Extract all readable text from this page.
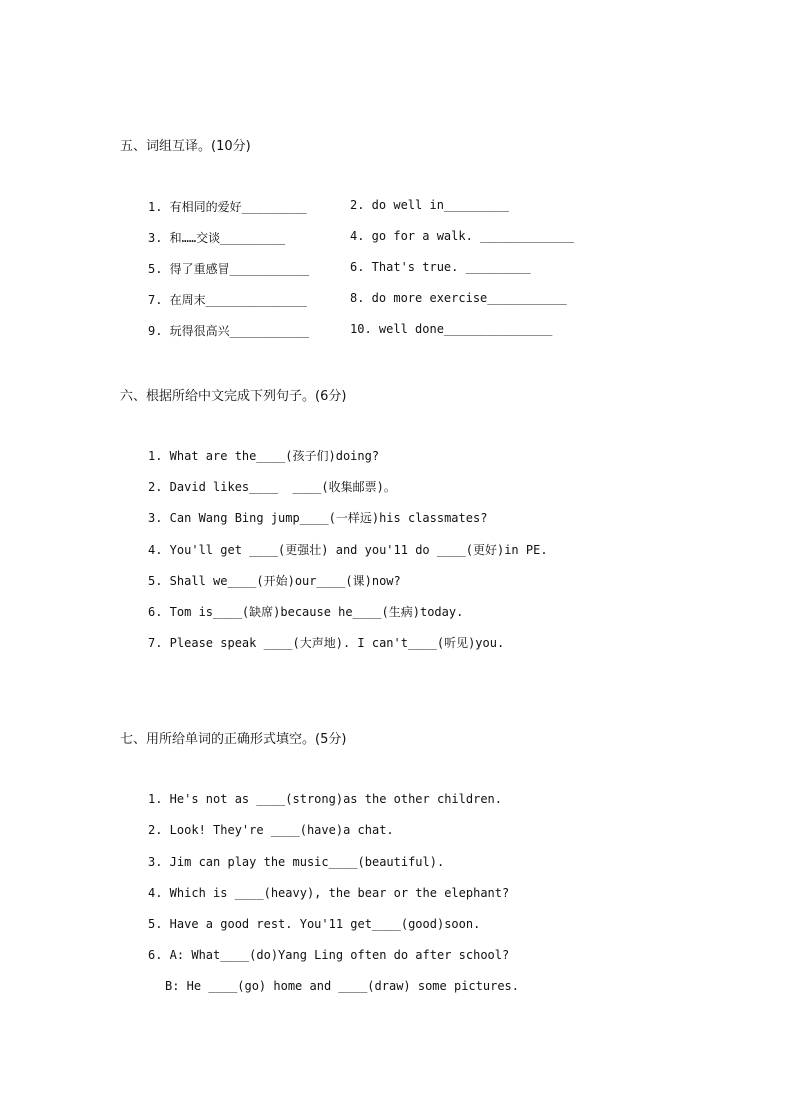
五、词组互译。(10分)
1. 有相同的爱好_________	2. do well in_________
3. 和……交谈_________	4. go for a walk. _____________
5. 得了重感冒___________	6. That's true. _________
7. 在周末______________	8. do more exercise___________
9. 玩得很高兴___________	10. well done_______________
六、根据所给中文完成下列句子。(6分)
1. What are the____(孩子们)doing?
2. David likes____  ____(收集邮票)。
3. Can Wang Bing jump____(一样远)his classmates?
4. You'll get ____(更强壮) and you'11 do ____(更好)in PE.
5. Shall we____(开始)our____(课)now?
6. Tom is____(缺席)because he____(生病)today.
7. Please speak ____(大声地). I can't____(听见)you.
七、用所给单词的正确形式填空。(5分)
1. He's not as ____(strong)as the other children.
2. Look! They're ____(have)a chat.
3. Jim can play the music____(beautiful).
4. Which is ____(heavy), the bear or the elephant?
5. Have a good rest. You'11 get____(good)soon.
6. A: What____(do)Yang Ling often do after school?
B: He ____(go) home and ____(draw) some pictures.
